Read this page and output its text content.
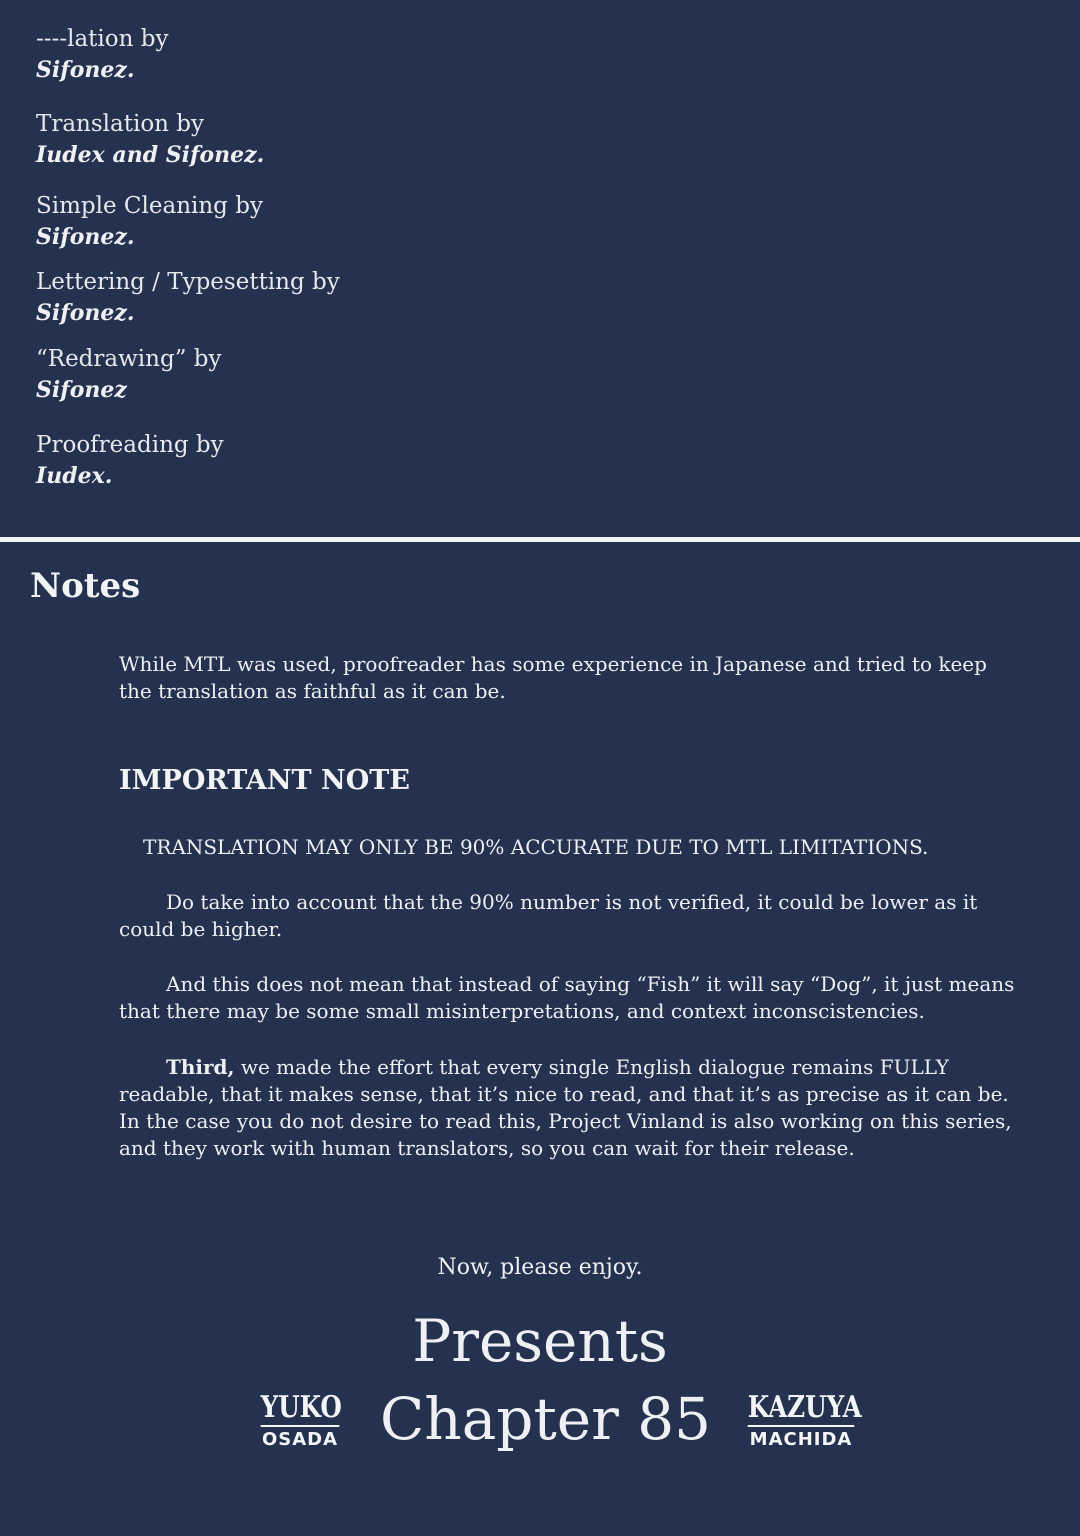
----lation by
Sifonez.
Translation by
Iudex and Sifonez.
Simple Cleaning by
Sifonez.
Lettering / Typesetting by
Sifonez.
“Redrawing” by
Sifonez
Proofreading by
Iudex.
Notes

While MTL was used, proofreader has some experience in Japanese and tried to keep the translation as faithful as it can be.

IMPORTANT NOTE

TRANSLATION MAY ONLY BE 90% ACCURATE DUE TO MTL LIMITATIONS.

Do take into account that the 90% number is not verified, it could be lower as it could be higher.

And this does not mean that instead of saying “Fish” it will say “Dog”, it just means that there may be some small misinterpretations, and context inconscistencies.

Third, we made the effort that every single English dialogue remains FULLY readable, that it makes sense, that it’s nice to read, and that it’s as precise as it can be. In the case you do not desire to read this, Project Vinland is also working on this series, and they work with human translators, so you can wait for their release.

Now, please enjoy.
Presents
YUKO
OSADA Chapter 85 KAZUYA
MACHIDA
